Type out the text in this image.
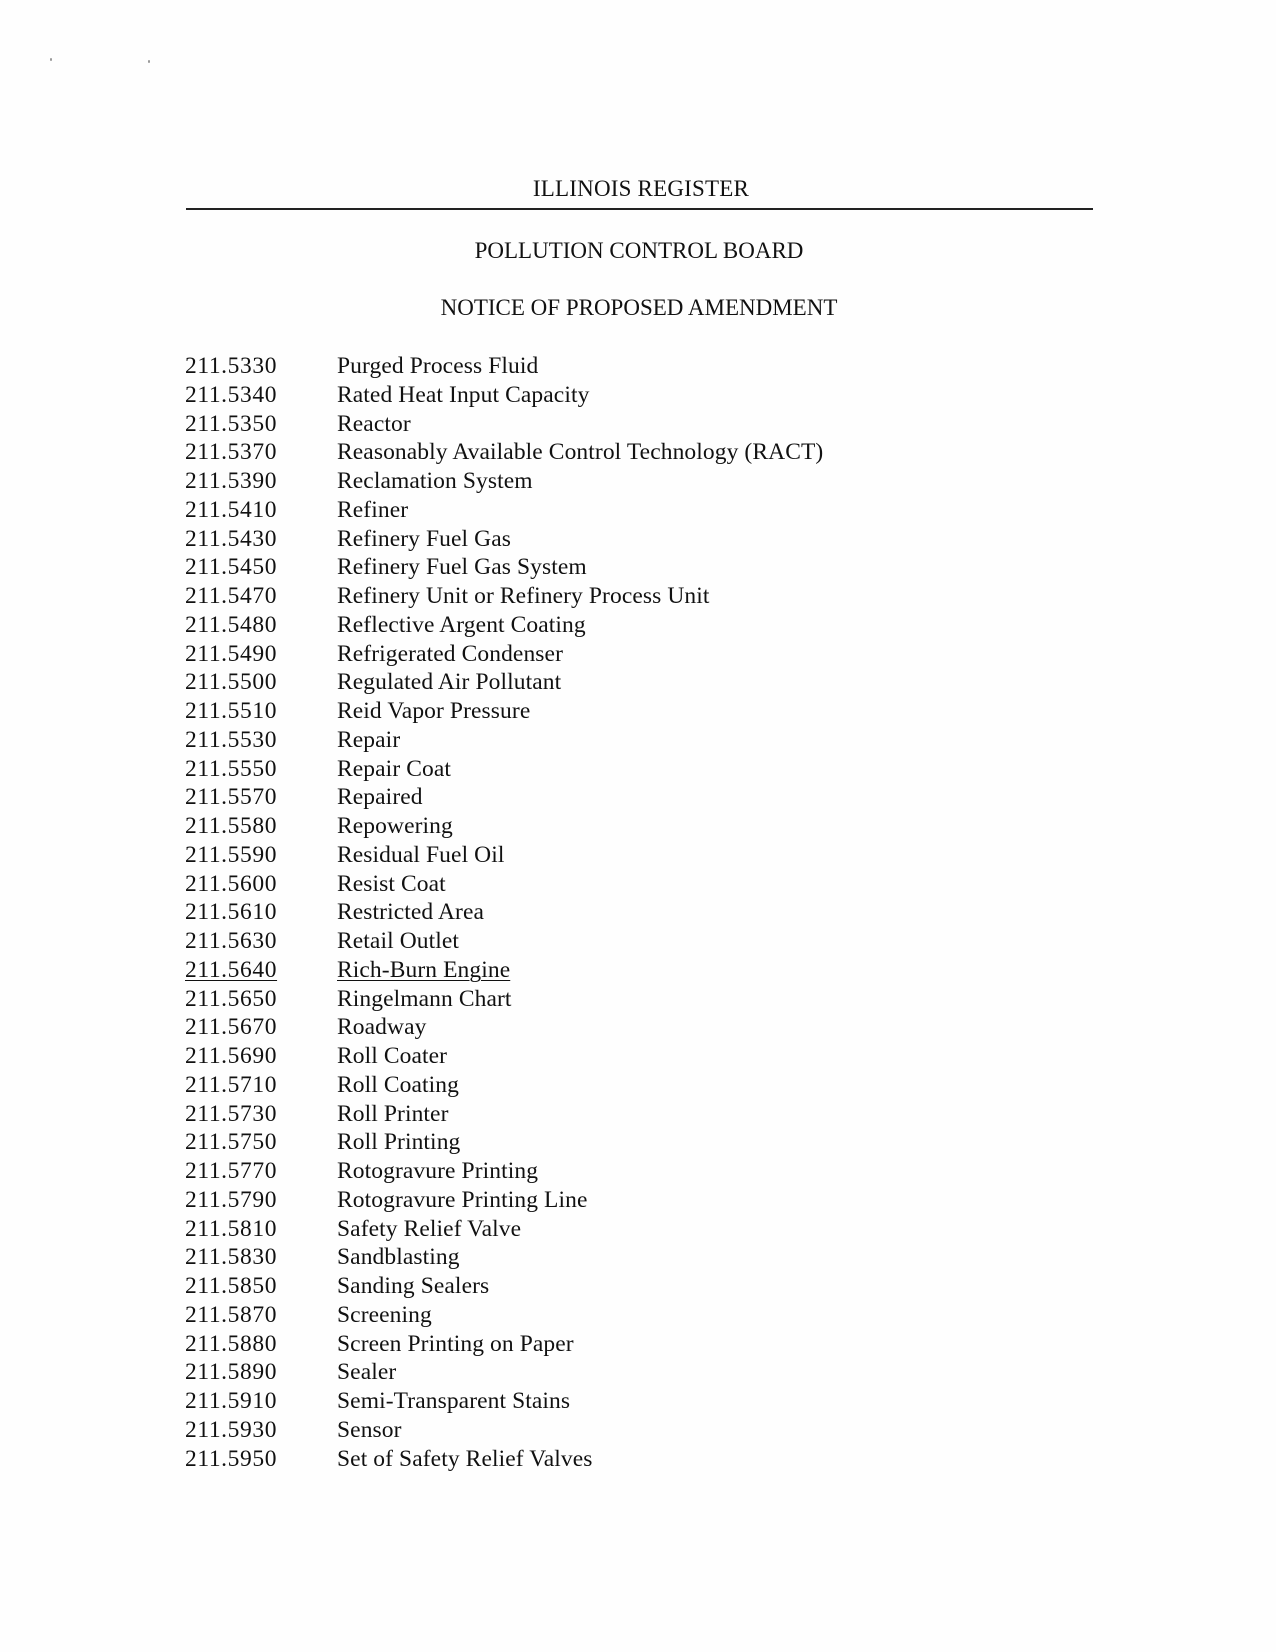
ILLINOIS REGISTER
POLLUTION CONTROL BOARD
NOTICE OF PROPOSED AMENDMENT
211.5330	Purged Process Fluid
211.5340	Rated Heat Input Capacity
211.5350	Reactor
211.5370	Reasonably Available Control Technology (RACT)
211.5390	Reclamation System
211.5410	Refiner
211.5430	Refinery Fuel Gas
211.5450	Refinery Fuel Gas System
211.5470	Refinery Unit or Refinery Process Unit
211.5480	Reflective Argent Coating
211.5490	Refrigerated Condenser
211.5500	Regulated Air Pollutant
211.5510	Reid Vapor Pressure
211.5530	Repair
211.5550	Repair Coat
211.5570	Repaired
211.5580	Repowering
211.5590	Residual Fuel Oil
211.5600	Resist Coat
211.5610	Restricted Area
211.5630	Retail Outlet
211.5640	Rich-Burn Engine
211.5650	Ringelmann Chart
211.5670	Roadway
211.5690	Roll Coater
211.5710	Roll Coating
211.5730	Roll Printer
211.5750	Roll Printing
211.5770	Rotogravure Printing
211.5790	Rotogravure Printing Line
211.5810	Safety Relief Valve
211.5830	Sandblasting
211.5850	Sanding Sealers
211.5870	Screening
211.5880	Screen Printing on Paper
211.5890	Sealer
211.5910	Semi-Transparent Stains
211.5930	Sensor
211.5950	Set of Safety Relief Valves
